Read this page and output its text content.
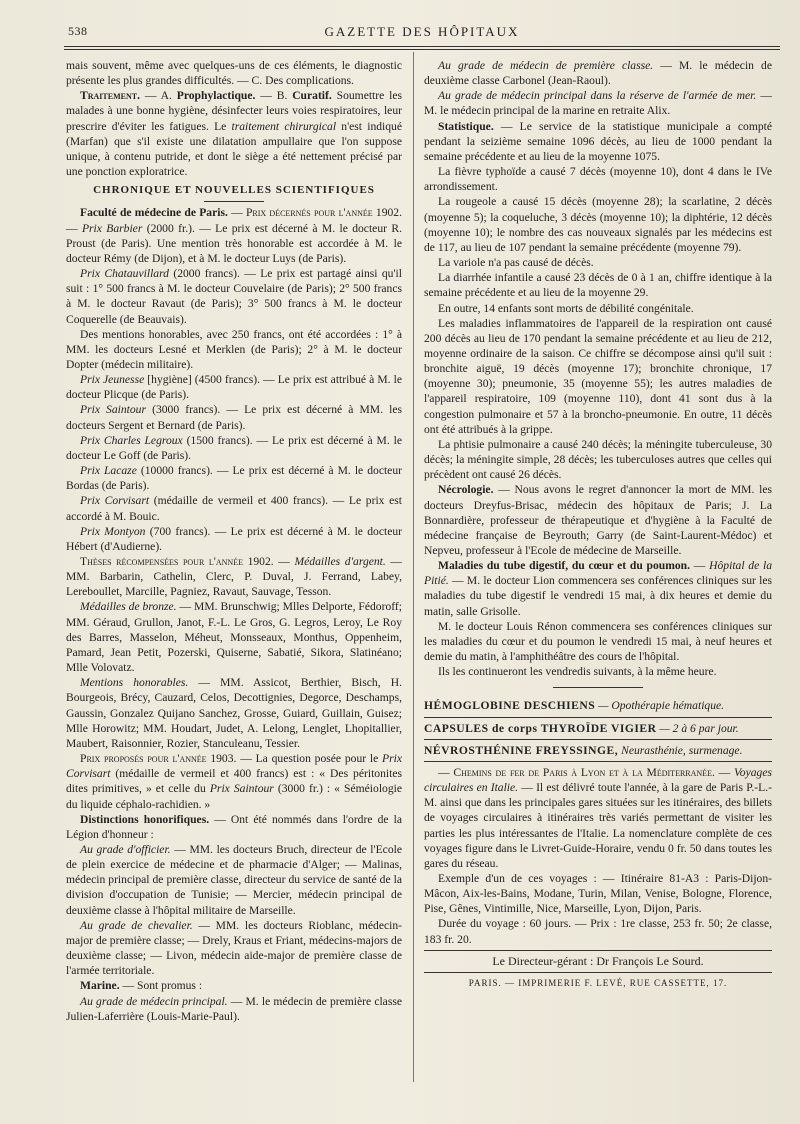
538	GAZETTE DES HÔPITAUX

mais souvent, même avec quelques-uns de ces éléments, le diagnostic présente les plus grandes difficultés. — C. Des complications.

Traitement. — A. Prophylactique. — B. Curatif. Soumettre les malades à une bonne hygiène, désinfecter leurs voies respiratoires, leur prescrire d'éviter les fatigues. Le traitement chirurgical n'est indiqué (Marfan) que s'il existe une dilatation ampullaire que l'on suppose unique, à contenu putride, et dont le siège a été nettement précisé par une ponction exploratrice.

CHRONIQUE ET NOUVELLES SCIENTIFIQUES

Faculté de médecine de Paris. — Prix décernés pour l'année 1902. — Prix Barbier (2000 fr.). — Le prix est décerné à M. le docteur R. Proust (de Paris). Une mention très honorable est accordée à M. le docteur Rémy (de Dijon), et à M. le docteur Luys (de Paris).

Prix Chatauvillard (2000 francs). — Le prix est partagé ainsi qu'il suit : 1° 500 francs à M. le docteur Couvelaire (de Paris); 2° 500 francs à M. le docteur Ravaut (de Paris); 3° 500 francs à M. le docteur Coquerelle (de Beauvais).

Des mentions honorables, avec 250 francs, ont été accordées : 1° à MM. les docteurs Lesné et Merklen (de Paris); 2° à M. le docteur Dopter (médecin militaire).

Prix Jeunesse [hygiène] (4500 francs). — Le prix est attribué à M. le docteur Plicque (de Paris).

Prix Saintour (3000 francs). — Le prix est décerné à MM. les docteurs Sergent et Bernard (de Paris).

Prix Charles Legroux (1500 francs). — Le prix est décerné à M. le docteur Le Goff (de Paris).

Prix Lacaze (10000 francs). — Le prix est décerné à M. le docteur Bordas (de Paris).

Prix Corvisart (médaille de vermeil et 400 francs). — Le prix est accordé à M. Bouic.

Prix Montyon (700 francs). — Le prix est décerné à M. le docteur Hébert (d'Audierne).

Thèses récompensées pour l'année 1902. — Médailles d'argent. — MM. Barbarin, Cathelin, Clerc, P. Duval, J. Ferrand, Labey, Lereboullet, Marcille, Pagniez, Ravaut, Sauvage, Tesson.

Médailles de bronze. — MM. Brunschwig; Mlles Delporte, Fédoroff; MM. Géraud, Grullon, Janot, F.-L. Le Gros, G. Legros, Leroy, Le Roy des Barres, Masselon, Méheut, Monsseaux, Monthus, Oppenheim, Pamard, Jean Petit, Pozerski, Quiserne, Sabatié, Sikora, Slatinéano; Mlle Volovatz.

Mentions honorables. — MM. Assicot, Berthier, Bisch, H. Bourgeois, Brécy, Cauzard, Celos, Decottignies, Degorce, Deschamps, Gaussin, Gonzalez Quijano Sanchez, Grosse, Guiard, Guillain, Guisez; Mlle Horowitz; MM. Houdart, Judet, A. Lelong, Lenglet, Lhopitallier, Maubert, Raisonnier, Rozier, Stanculeanu, Tessier.

Prix proposés pour l'année 1903. — La question posée pour le Prix Corvisart (médaille de vermeil et 400 francs) est : « Des péritonites dites primitives, » et celle du Prix Saintour (3000 fr.) : « Séméiologie du liquide céphalo-rachidien. »

Distinctions honorifiques. — Ont été nommés dans l'ordre de la Légion d'honneur :

Au grade d'officier. — MM. les docteurs Bruch, directeur de l'Ecole de plein exercice de médecine et de pharmacie d'Alger; — Malinas, médecin principal de première classe, directeur du service de santé de la division d'occupation de Tunisie; — Mercier, médecin principal de deuxième classe à l'hôpital militaire de Marseille.

Au grade de chevalier. — MM. les docteurs Rioblanc, médecin-major de première classe; — Drely, Kraus et Friant, médecins-majors de deuxième classe; — Livon, médecin aide-major de première classe de l'armée territoriale.

Marine. — Sont promus :

Au grade de médecin principal. — M. le médecin de première classe Julien-Laferrière (Louis-Marie-Paul).

Au grade de médecin de première classe. — M. le médecin de deuxième classe Carbonel (Jean-Raoul).

Au grade de médecin principal dans la réserve de l'armée de mer. — M. le médecin principal de la marine en retraite Alix.

Statistique. — Le service de la statistique municipale a compté pendant la seizième semaine 1096 décès, au lieu de 1000 pendant la semaine précédente et au lieu de la moyenne 1075.

La fièvre typhoïde a causé 7 décès (moyenne 10), dont 4 dans le IVe arrondissement.

La rougeole a causé 15 décès (moyenne 28); la scarlatine, 2 décès (moyenne 5); la coqueluche, 3 décès (moyenne 10); la diphtérie, 12 décès (moyenne 10); le nombre des cas nouveaux signalés par les médecins est de 117, au lieu de 107 pendant la semaine précédente (moyenne 79).

La variole n'a pas causé de décès.

La diarrhée infantile a causé 23 décès de 0 à 1 an, chiffre identique à la semaine précédente et au lieu de la moyenne 29.

En outre, 14 enfants sont morts de débilité congénitale.

Les maladies inflammatoires de l'appareil de la respiration ont causé 200 décès au lieu de 170 pendant la semaine précédente et au lieu de 212, moyenne ordinaire de la saison. Ce chiffre se décompose ainsi qu'il suit : bronchite aiguë, 19 décès (moyenne 17); bronchite chronique, 17 (moyenne 30); pneumonie, 35 (moyenne 55); les autres maladies de l'appareil respiratoire, 109 (moyenne 110), dont 41 sont dus à la congestion pulmonaire et 57 à la broncho-pneumonie. En outre, 11 décès ont été attribués à la grippe.

La phtisie pulmonaire a causé 240 décès; la méningite tuberculeuse, 30 décès; la méningite simple, 28 décès; les tuberculoses autres que celles qui précèdent ont causé 26 décès.

Nécrologie. — Nous avons le regret d'annoncer la mort de MM. les docteurs Dreyfus-Brisac, médecin des hôpitaux de Paris; J. La Bonnardière, professeur de thérapeutique et d'hygiène à la Faculté de médecine française de Beyrouth; Garry (de Saint-Laurent-Médoc) et Nepveu, professeur à l'Ecole de médecine de Marseille.

Maladies du tube digestif, du cœur et du poumon. — Hôpital de la Pitié. — M. le docteur Lion commencera ses conférences cliniques sur les maladies du tube digestif le vendredi 15 mai, à dix heures et demie du matin, salle Grisolle.

M. le docteur Louis Rénon commencera ses conférences cliniques sur les maladies du cœur et du poumon le vendredi 15 mai, à neuf heures et demie du matin, à l'amphithéâtre des cours de l'hôpital.

Ils les continueront les vendredis suivants, à la même heure.

HÉMOGLOBINE DESCHIENS — Opothérapie hématique.

CAPSULES de corps THYROÏDE VIGIER — 2 à 6 par jour.

NÉVROSTHÉNINE FREYSSINGE, Neurasthénie, surmenage.

— Chemins de fer de Paris à Lyon et à la Méditerranée. — Voyages circulaires en Italie. — Il est délivré toute l'année, à la gare de Paris P.-L.-M. ainsi que dans les principales gares situées sur les itinéraires, des billets de voyages circulaires à itinéraires très variés permettant de visiter les parties les plus intéressantes de l'Italie. La nomenclature complète de ces voyages figure dans le Livret-Guide-Horaire, vendu 0 fr. 50 dans toutes les gares du réseau.

Exemple d'un de ces voyages : — Itinéraire 81-A3 : Paris-Dijon-Mâcon, Aix-les-Bains, Modane, Turin, Milan, Venise, Bologne, Florence, Pise, Gênes, Vintimille, Nice, Marseille, Lyon, Dijon, Paris.

Durée du voyage : 60 jours. — Prix : 1re classe, 253 fr. 50; 2e classe, 183 fr. 20.

Le Directeur-gérant : Dr François Le Sourd.
PARIS. — IMPRIMERIE F. LEVÉ, RUE CASSETTE, 17.
